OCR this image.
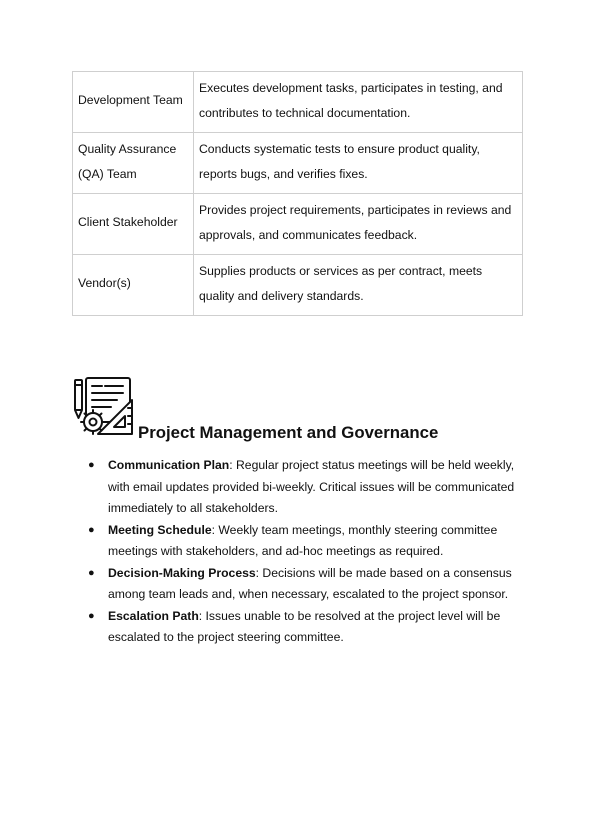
Development Team	Executes development tasks, participates in testing, and contributes to technical documentation.
Quality Assurance (QA) Team	Conducts systematic tests to ensure product quality, reports bugs, and verifies fixes.
Client Stakeholder	Provides project requirements, participates in reviews and approvals, and communicates feedback.
Vendor(s)	Supplies products or services as per contract, meets quality and delivery standards.
Project Management and Governance
● Communication Plan: Regular project status meetings will be held weekly, with email updates provided bi-weekly. Critical issues will be communicated immediately to all stakeholders.
● Meeting Schedule: Weekly team meetings, monthly steering committee meetings with stakeholders, and ad-hoc meetings as required.
● Decision-Making Process: Decisions will be made based on a consensus among team leads and, when necessary, escalated to the project sponsor.
● Escalation Path: Issues unable to be resolved at the project level will be escalated to the project steering committee.
